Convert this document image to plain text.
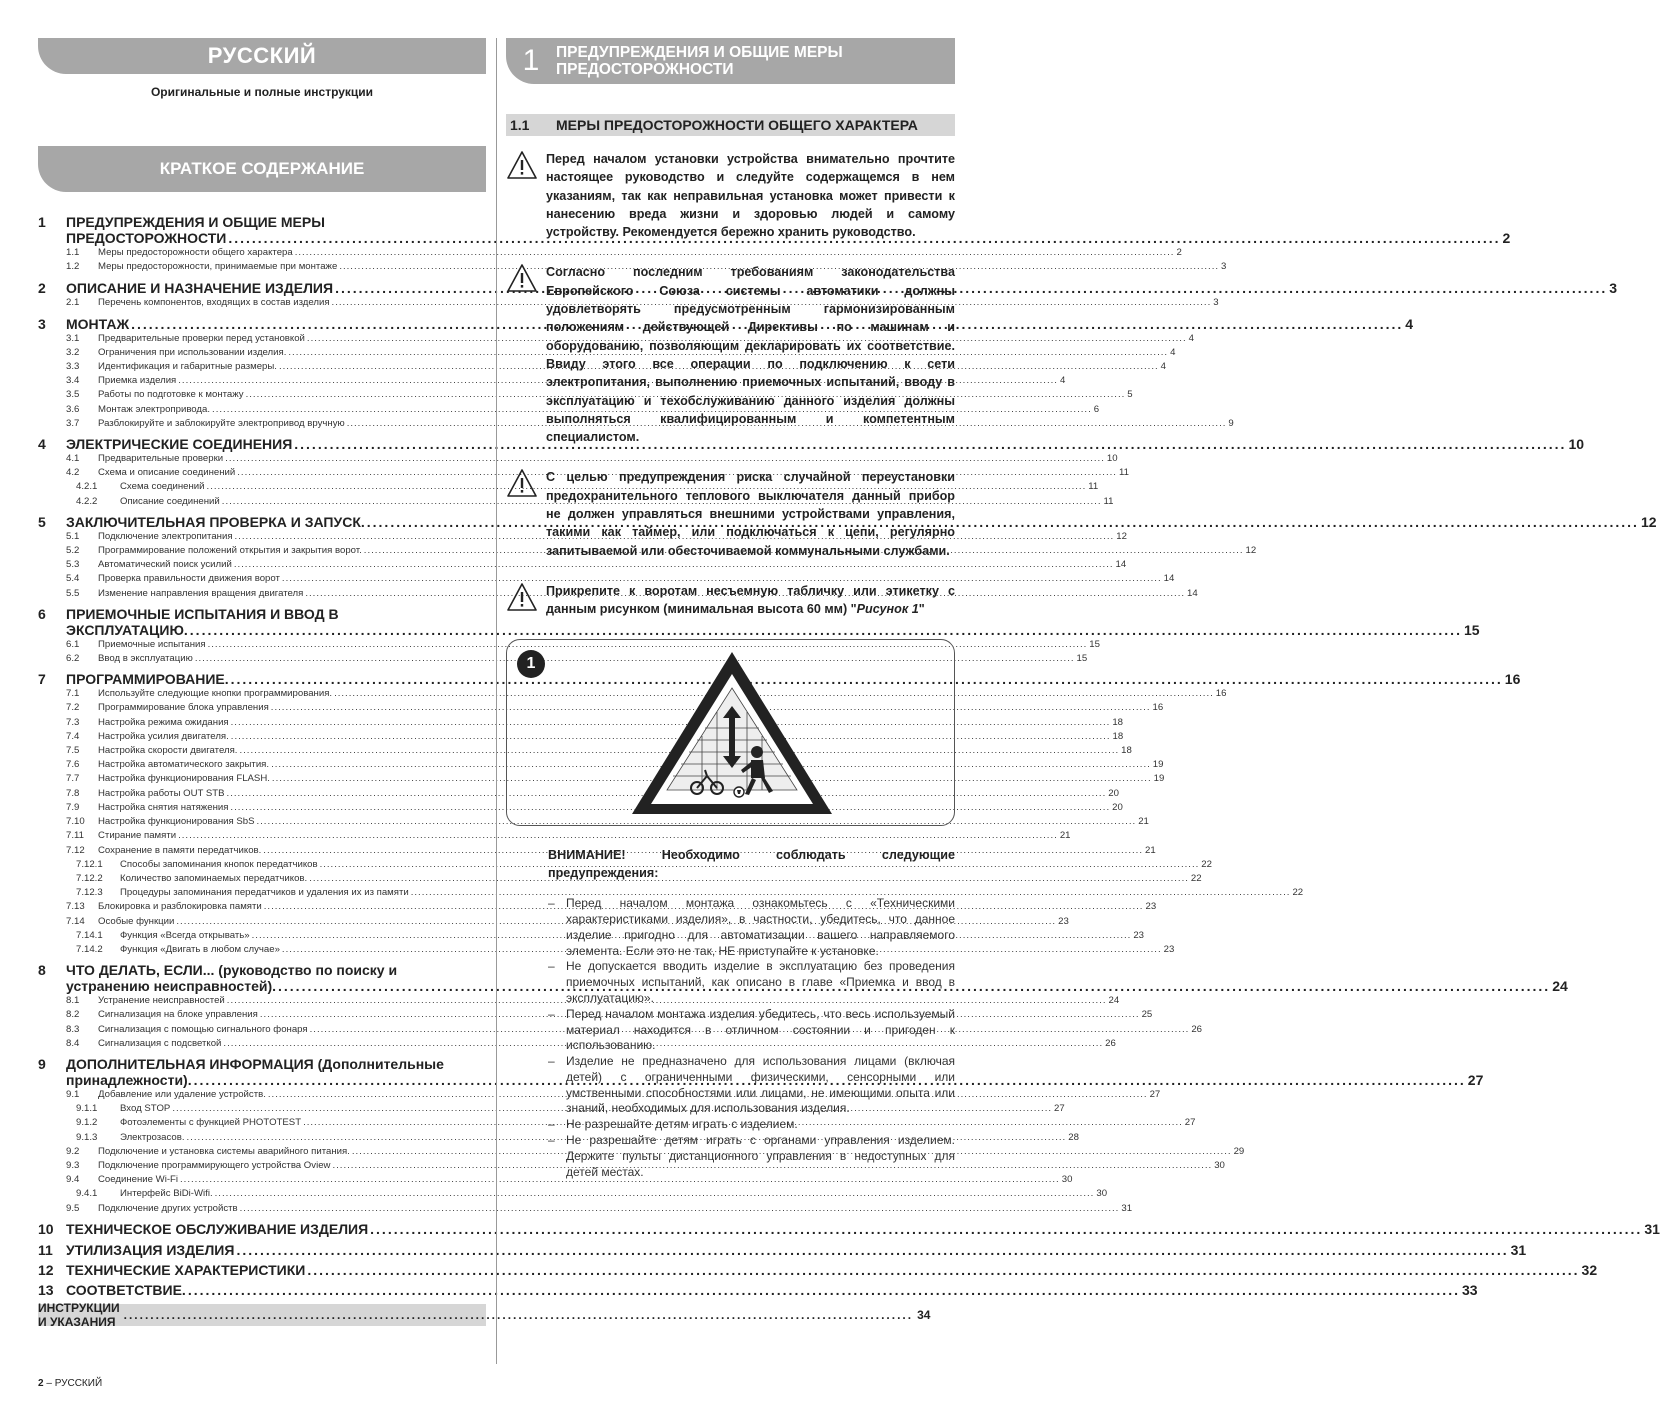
РУССКИЙ
Оригинальные и полные инструкции
КРАТКОЕ СОДЕРЖАНИЕ
1	ПРЕДУПРЕЖДЕНИЯ И ОБЩИЕ МЕРЫ
ПРЕДОСТОРОЖНОСТИ .....	2
1.1	Меры предосторожности общего характера .....	2
1.2	Меры предосторожности, принимаемые при монтаже .....	3
2	ОПИСАНИЕ И НАЗНАЧЕНИЕ ИЗДЕЛИЯ .....	3
2.1	Перечень компонентов, входящих в состав изделия .....	3
3	МОНТАЖ .....	4
3.1	Предварительные проверки перед установкой .....	4
3.2	Ограничения при использовании изделия. .....	4
3.3	Идентификация и габаритные размеры. .....	4
3.4	Приемка изделия .....	4
3.5	Работы по подготовке к монтажу .....	5
3.6	Монтаж электропривода. .....	6
3.7	Разблокируйте и заблокируйте электропривод вручную .....	9
4	ЭЛЕКТРИЧЕСКИЕ СОЕДИНЕНИЯ .....	10
4.1	Предварительные проверки .....	10
4.2	Схема и описание соединений .....	11
4.2.1	Схема соединений .....	11
4.2.2	Описание соединений .....	11
5	ЗАКЛЮЧИТЕЛЬНАЯ ПРОВЕРКА И ЗАПУСК. .....	12
5.1	Подключение электропитания .....	12
5.2	Программирование положений открытия и закрытия ворот. .....	12
5.3	Автоматический поиск усилий .....	14
5.4	Проверка правильности движения ворот .....	14
5.5	Изменение направления вращения двигателя .....	14
6	ПРИЕМОЧНЫЕ ИСПЫТАНИЯ И ВВОД В
ЭКСПЛУАТАЦИЮ. .....	15
6.1	Приемочные испытания .....	15
6.2	Ввод в эксплуатацию .....	15
7	ПРОГРАММИРОВАНИЕ. .....	16
7.1	Используйте следующие кнопки программирования. .....	16
7.2	Программирование блока управления .....	16
7.3	Настройка режима ожидания .....	18
7.4	Настройка усилия двигателя. .....	18
7.5	Настройка скорости двигателя. .....	18
7.6	Настройка автоматического закрытия. .....	19
7.7	Настройка функционирования FLASH. .....	19
7.8	Настройка работы OUT STB .....	20
7.9	Настройка снятия натяжения .....	20
7.10	Настройка функционирования SbS .....	21
7.11	Стирание памяти .....	21
7.12	Сохранение в памяти передатчиков. .....	21
7.12.1	Способы запоминания кнопок передатчиков .....	22
7.12.2	Количество запоминаемых передатчиков. .....	22
7.12.3	Процедуры запоминания передатчиков и удаления их из памяти .....	22
7.13	Блокировка и разблокировка памяти .....	23
7.14	Особые функции .....	23
7.14.1	Функция «Всегда открывать» .....	23
7.14.2	Функция «Двигать в любом случае» .....	23
8	ЧТО ДЕЛАТЬ, ЕСЛИ... (руководство по поиску и
устранению неисправностей). .....	24
8.1	Устранение неисправностей .....	24
8.2	Сигнализация на блоке управления .....	25
8.3	Сигнализация с помощью сигнального фонаря .....	26
8.4	Сигнализация с подсветкой .....	26
9	ДОПОЛНИТЕЛЬНАЯ ИНФОРМАЦИЯ (Дополнительные
принадлежности). .....	27
9.1	Добавление или удаление устройств. .....	27
9.1.1	Вход STOP .....	27
9.1.2	Фотоэлементы с функцией PHOTOTEST .....	27
9.1.3	Электрозасов. .....	28
9.2	Подключение и установка системы аварийного питания. .....	29
9.3	Подключение программирующего устройства Oview .....	30
9.4	Соединение Wi-Fi .....	30
9.4.1	Интерфейс BiDi-Wifi. .....	30
9.5	Подключение других устройств .....	31
10 ТЕХНИЧЕСКОЕ ОБСЛУЖИВАНИЕ ИЗДЕЛИЯ .....	31
11 УТИЛИЗАЦИЯ ИЗДЕЛИЯ .....	31
12 ТЕХНИЧЕСКИЕ ХАРАКТЕРИСТИКИ .....	32
13 СООТВЕТСТВИЕ. .....	33
ИНСТРУКЦИИ И УКАЗАНИЯ .....	34
2 – РУССКИЙ
1	ПРЕДУПРЕЖДЕНИЯ И ОБЩИЕ МЕРЫ
ПРЕДОСТОРОЖНОСТИ
1.1	МЕРЫ ПРЕДОСТОРОЖНОСТИ ОБЩЕГО ХАРАКТЕРА
Перед началом установки устройства внимательно прочтите настоящее руководство и следуйте содержащемся в нем указаниям, так как неправильная установка может привести к нанесению вреда жизни и здоровью людей и самому устройству. Рекомендуется бережно хранить руководство.
Согласно последним требованиям законодательства Европейского Союза системы автоматики должны удовлетворять предусмотренным гармонизированным положениям действующей Директивы по машинам и оборудованию, позволяющим декларировать их соответствие. Ввиду этого все операции по подключению к сети электропитания, выполнению приемочных испытаний, вводу в эксплуатацию и техобслуживанию данного изделия должны выполняться квалифицированным и компетентным специалистом.
С целью предупреждения риска случайной переустановки предохранительного теплового выключателя данный прибор не должен управляться внешними устройствами управления, такими как таймер, или подключаться к цепи, регулярно запитываемой или обесточиваемой коммунальными службами.
Прикрепите к воротам несъемную табличку или этикетку с данным рисунком (минимальная высота 60 мм) "Рисунок 1"
1
ВНИМАНИЕ! Необходимо соблюдать следующие предупреждения:
– Перед началом монтажа ознакомьтесь с «Техническими характеристиками изделия», в частности, убедитесь, что данное изделие пригодно для автоматизации вашего направляемого элемента. Если это не так, НЕ приступайте к установке.
– Не допускается вводить изделие в эксплуатацию без проведения приемочных испытаний, как описано в главе «Приемка и ввод в эксплуатацию».
– Перед началом монтажа изделия убедитесь, что весь используемый материал находится в отличном состоянии и пригоден к использованию.
– Изделие не предназначено для использования лицами (включая детей) с ограниченными физическими, сенсорными или умственными способностями или лицами, не имеющими опыта или знаний, необходимых для использования изделия.
– Не разрешайте детям играть с изделием.
– Не разрешайте детям играть с органами управления изделием. Держите пульты дистанционного управления в недоступных для детей местах.
